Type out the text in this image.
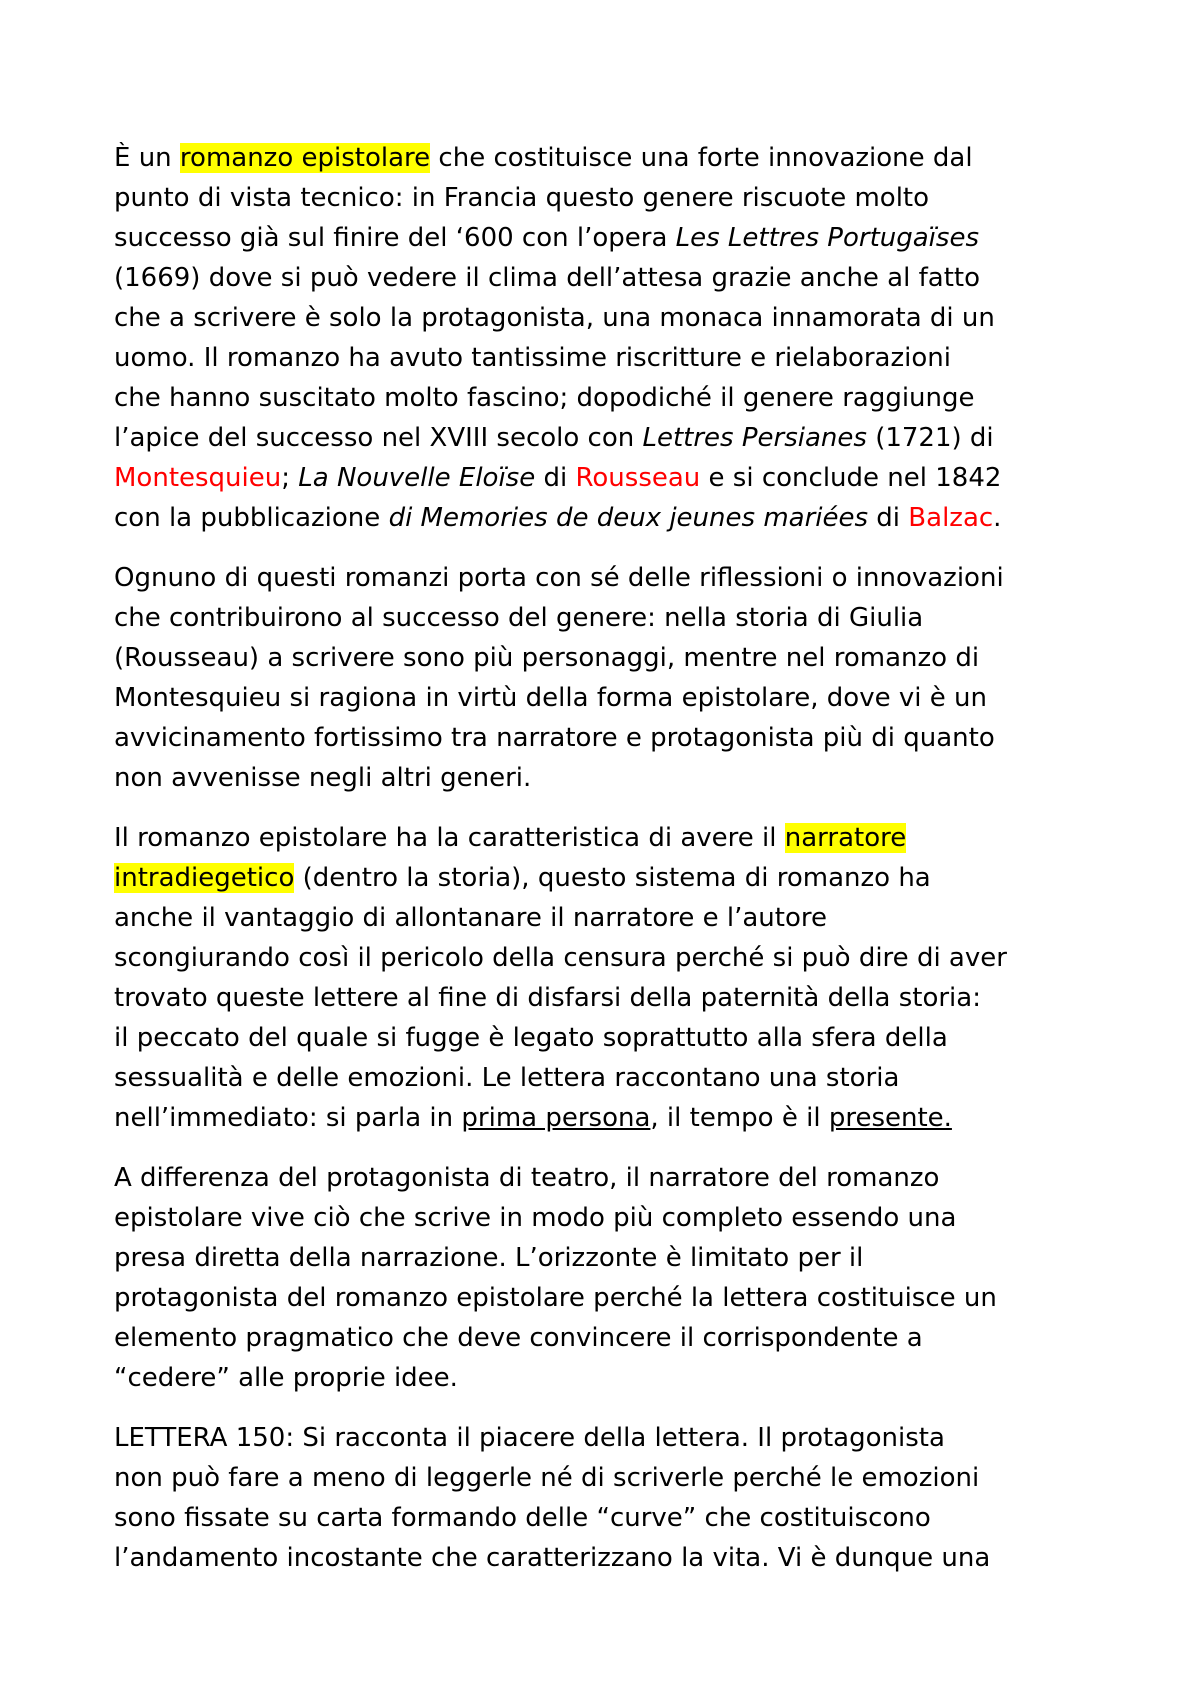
È un romanzo epistolare che costituisce una forte innovazione dal
punto di vista tecnico: in Francia questo genere riscuote molto
successo già sul finire del ‘600 con l’opera Les Lettres Portugaïses
(1669) dove si può vedere il clima dell’attesa grazie anche al fatto
che a scrivere è solo la protagonista, una monaca innamorata di un
uomo. Il romanzo ha avuto tantissime riscritture e rielaborazioni
che hanno suscitato molto fascino; dopodiché il genere raggiunge
l’apice del successo nel XVIII secolo con Lettres Persianes (1721) di
Montesquieu; La Nouvelle Eloïse di Rousseau e si conclude nel 1842
con la pubblicazione di Memories de deux jeunes mariées di Balzac.

Ognuno di questi romanzi porta con sé delle riflessioni o innovazioni
che contribuirono al successo del genere: nella storia di Giulia
(Rousseau) a scrivere sono più personaggi, mentre nel romanzo di
Montesquieu si ragiona in virtù della forma epistolare, dove vi è un
avvicinamento fortissimo tra narratore e protagonista più di quanto
non avvenisse negli altri generi.

Il romanzo epistolare ha la caratteristica di avere il narratore
intradiegetico (dentro la storia), questo sistema di romanzo ha
anche il vantaggio di allontanare il narratore e l’autore
scongiurando così il pericolo della censura perché si può dire di aver
trovato queste lettere al fine di disfarsi della paternità della storia:
il peccato del quale si fugge è legato soprattutto alla sfera della
sessualità e delle emozioni. Le lettera raccontano una storia
nell’immediato: si parla in prima persona, il tempo è il presente.

A differenza del protagonista di teatro, il narratore del romanzo
epistolare vive ciò che scrive in modo più completo essendo una
presa diretta della narrazione. L’orizzonte è limitato per il
protagonista del romanzo epistolare perché la lettera costituisce un
elemento pragmatico che deve convincere il corrispondente a
“cedere” alle proprie idee.

LETTERA 150: Si racconta il piacere della lettera. Il protagonista
non può fare a meno di leggerle né di scriverle perché le emozioni
sono fissate su carta formando delle “curve” che costituiscono
l’andamento incostante che caratterizzano la vita. Vi è dunque una
